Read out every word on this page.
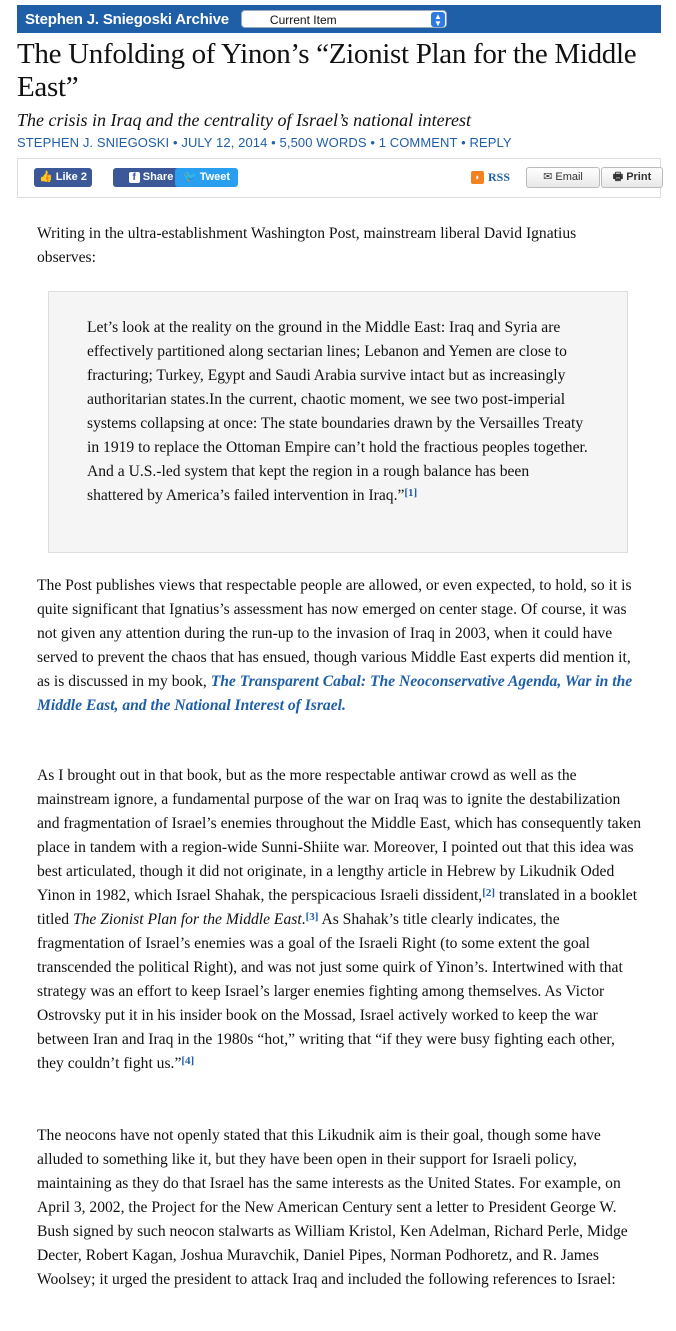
Stephen J. Sniegoski Archive	Current Item	▲
▼
The Unfolding of Yinon’s “Zionist Plan for the Middle East”
The crisis in Iraq and the centrality of Israel’s national interest
STEPHEN J. SNIEGOSKI • JULY 12, 2014 • 5,500 WORDS • 1 COMMENT • REPLY
👍 Like 2	f Share 🐦 Tweet	◗ RSS	✉ Email	🖶 Print

Writing in the ultra-establishment Washington Post, mainstream liberal David Ignatius observes:

Let’s look at the reality on the ground in the Middle East: Iraq and Syria are effectively partitioned along sectarian lines; Lebanon and Yemen are close to fracturing; Turkey, Egypt and Saudi Arabia survive intact but as increasingly authoritarian states.In the current, chaotic moment, we see two post-imperial systems collapsing at once: The state boundaries drawn by the Versailles Treaty in 1919 to replace the Ottoman Empire can’t hold the fractious peoples together. And a U.S.-led system that kept the region in a rough balance has been shattered by America’s failed intervention in Iraq.”[1]

The Post publishes views that respectable people are allowed, or even expected, to hold, so it is quite significant that Ignatius’s assessment has now emerged on center stage. Of course, it was not given any attention during the run-up to the invasion of Iraq in 2003, when it could have served to prevent the chaos that has ensued, though various Middle East experts did mention it, as is discussed in my book, The Transparent Cabal: The Neoconservative Agenda, War in the Middle East, and the National Interest of Israel.

As I brought out in that book, but as the more respectable antiwar crowd as well as the mainstream ignore, a fundamental purpose of the war on Iraq was to ignite the destabilization and fragmentation of Israel’s enemies throughout the Middle East, which has consequently taken place in tandem with a region-wide Sunni-Shiite war. Moreover, I pointed out that this idea was best articulated, though it did not originate, in a lengthy article in Hebrew by Likudnik Oded Yinon in 1982, which Israel Shahak, the perspicacious Israeli dissident,[2] translated in a booklet titled The Zionist Plan for the Middle East.[3] As Shahak’s title clearly indicates, the fragmentation of Israel’s enemies was a goal of the Israeli Right (to some extent the goal transcended the political Right), and was not just some quirk of Yinon’s. Intertwined with that strategy was an effort to keep Israel’s larger enemies fighting among themselves. As Victor Ostrovsky put it in his insider book on the Mossad, Israel actively worked to keep the war between Iran and Iraq in the 1980s “hot,” writing that “if they were busy fighting each other, they couldn’t fight us.”[4]

The neocons have not openly stated that this Likudnik aim is their goal, though some have alluded to something like it, but they have been open in their support for Israeli policy, maintaining as they do that Israel has the same interests as the United States. For example, on April 3, 2002, the Project for the New American Century sent a letter to President George W. Bush signed by such neocon stalwarts as William Kristol, Ken Adelman, Richard Perle, Midge Decter, Robert Kagan, Joshua Muravchik, Daniel Pipes, Norman Podhoretz, and R. James Woolsey; it urged the president to attack Iraq and included the following references to Israel:
